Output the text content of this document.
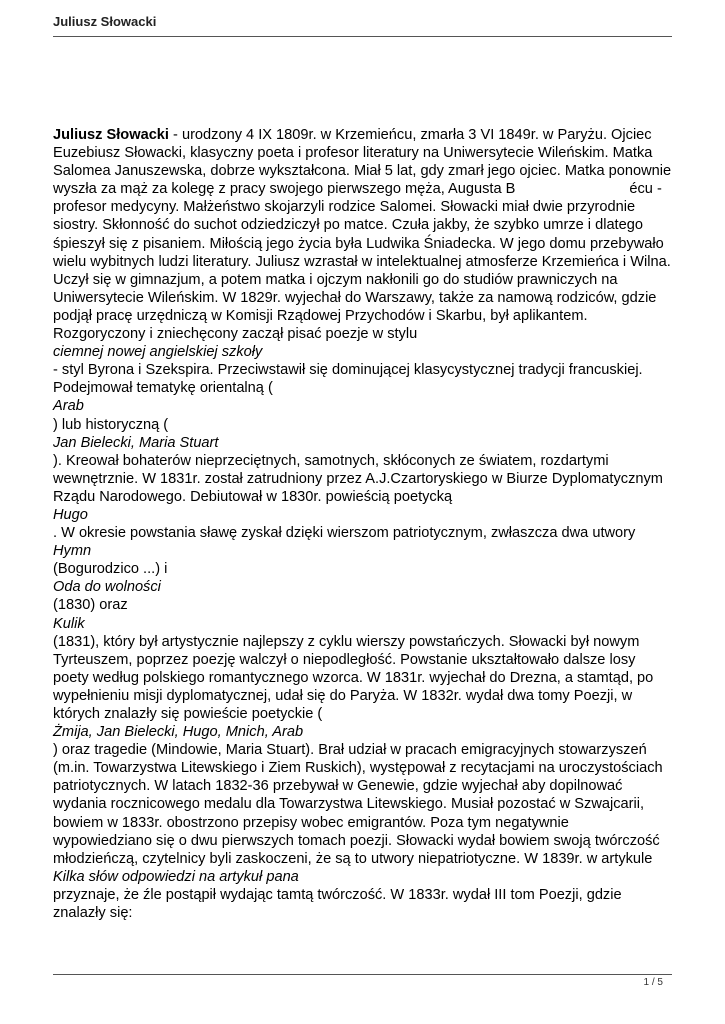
Juliusz Słowacki
Juliusz Słowacki - urodzony 4 IX 1809r. w Krzemieńcu, zmarła 3 VI 1849r. w Paryżu. Ojciec
Euzebiusz Słowacki, klasyczny poeta i profesor literatury na Uniwersytecie Wileńskim. Matka
Salomea Januszewska, dobrze wykształcona. Miał 5 lat, gdy zmarł jego ojciec. Matka ponownie
wyszła za mąż za kolegę z pracy swojego pierwszego męża, Augusta B	écu -
profesor medycyny. Małżeństwo skojarzyli rodzice Salomei. Słowacki miał dwie przyrodnie
siostry. Skłonność do suchot odziedziczył po matce. Czuła jakby, że szybko umrze i dlatego
śpieszył się z pisaniem. Miłością jego życia była Ludwika Śniadecka. W jego domu przebywało
wielu wybitnych ludzi literatury. Juliusz wzrastał w intelektualnej atmosferze Krzemieńca i Wilna.
Uczył się w gimnazjum, a potem matka i ojczym nakłonili go do studiów prawniczych na
Uniwersytecie Wileńskim. W 1829r. wyjechał do Warszawy, także za namową rodziców, gdzie
podjął pracę urzędniczą w Komisji Rządowej Przychodów i Skarbu, był aplikantem.
Rozgoryczony i zniechęcony zaczął pisać poezje w stylu
ciemnej nowej angielskiej szkoły
- styl Byrona i Szekspira. Przeciwstawił się dominującej klasycystycznej tradycji francuskiej.
Podejmował tematykę orientalną (
Arab
) lub historyczną (
Jan Bielecki, Maria Stuart
). Kreował bohaterów nieprzeciętnych, samotnych, skłóconych ze światem, rozdartymi
wewnętrznie. W 1831r. został zatrudniony przez A.J.Czartoryskiego w Biurze Dyplomatycznym
Rządu Narodowego. Debiutował w 1830r. powieścią poetycką
Hugo
. W okresie powstania sławę zyskał dzięki wierszom patriotycznym, zwłaszcza dwa utwory
Hymn
(Bogurodzico ...) i
Oda do wolności
(1830) oraz
Kulik
(1831), który był artystycznie najlepszy z cyklu wierszy powstańczych. Słowacki był nowym
Tyrteuszem, poprzez poezję walczył o niepodległość. Powstanie ukształtowało dalsze losy
poety według polskiego romantycznego wzorca. W 1831r. wyjechał do Drezna, a stamtąd, po
wypełnieniu misji dyplomatycznej, udał się do Paryża. W 1832r. wydał dwa tomy Poezji, w
których znalazły się powieście poetyckie (
Żmija, Jan Bielecki, Hugo, Mnich, Arab
) oraz tragedie (Mindowie, Maria Stuart). Brał udział w pracach emigracyjnych stowarzyszeń
(m.in. Towarzystwa Litewskiego i Ziem Ruskich), występował z recytacjami na uroczystościach
patriotycznych. W latach 1832-36 przebywał w Genewie, gdzie wyjechał aby dopilnować
wydania rocznicowego medalu dla Towarzystwa Litewskiego. Musiał pozostać w Szwajcarii,
bowiem w 1833r. obostrzono przepisy wobec emigrantów. Poza tym negatywnie
wypowiedziano się o dwu pierwszych tomach poezji. Słowacki wydał bowiem swoją twórczość
młodzieńczą, czytelnicy byli zaskoczeni, że są to utwory niepatriotyczne. W 1839r. w artykule
Kilka słów odpowiedzi na artykuł pana
przyznaje, że źle postąpił wydając tamtą twórczość. W 1833r. wydał III tom Poezji, gdzie
znalazły się:
1 / 5
